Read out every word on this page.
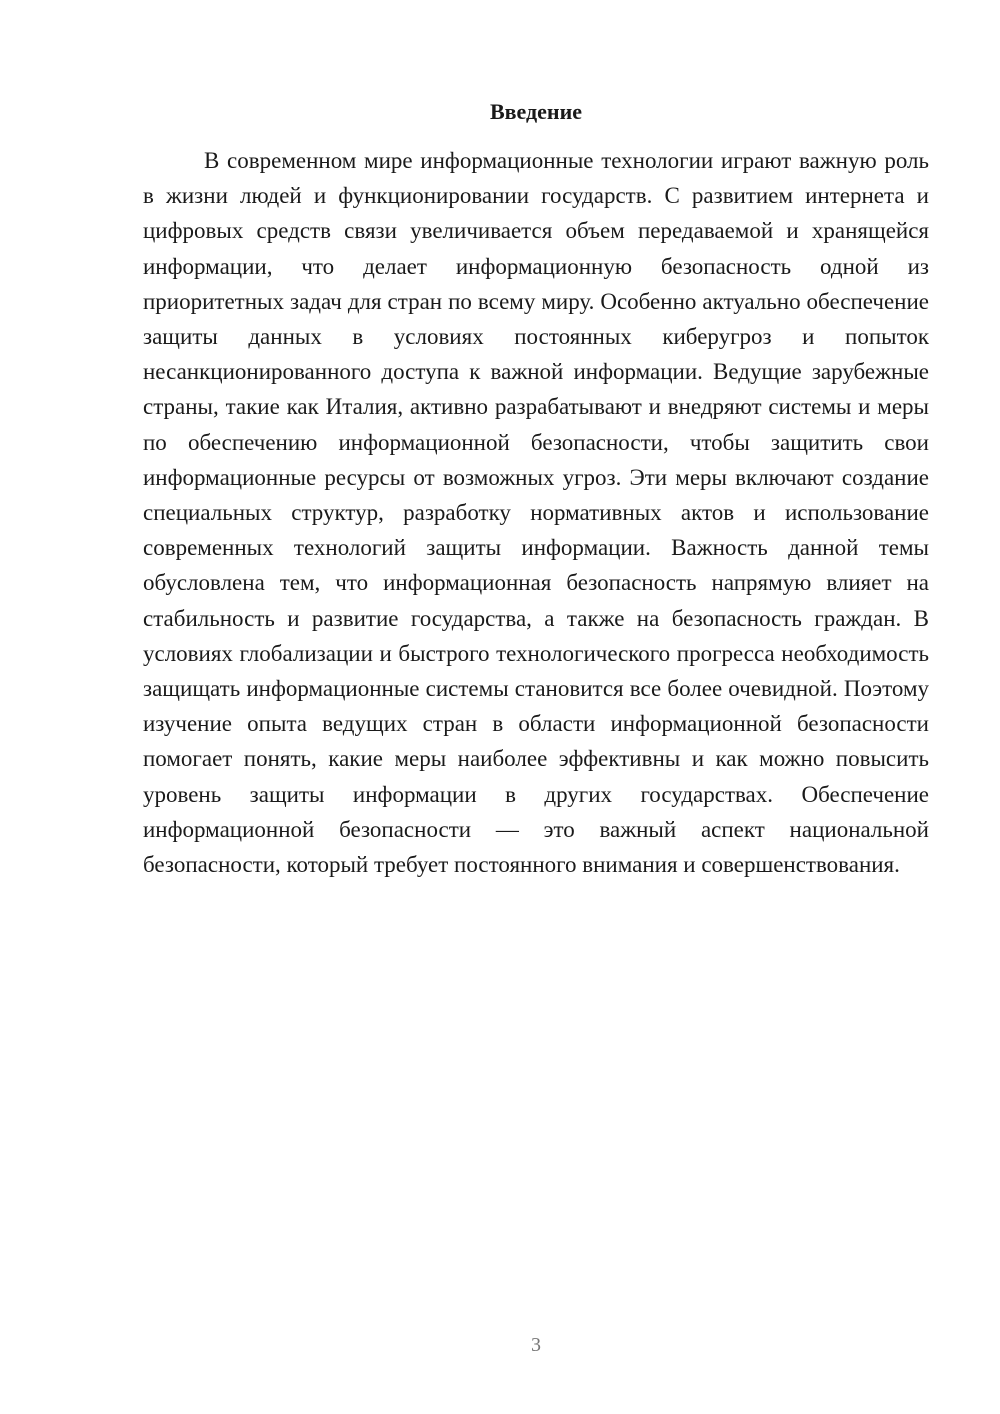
Введение

В современном мире информационные технологии играют важную роль в жизни людей и функционировании государств. С развитием интернета и цифровых средств связи увеличивается объем передаваемой и хранящейся информации, что делает информационную безопасность одной из приоритетных задач для стран по всему миру. Особенно актуально обеспечение защиты данных в условиях постоянных киберугроз и попыток несанкционированного доступа к важной информации. Ведущие зарубежные страны, такие как Италия, активно разрабатывают и внедряют системы и меры по обеспечению информационной безопасности, чтобы защитить свои информационные ресурсы от возможных угроз. Эти меры включают создание специальных структур, разработку нормативных актов и использование современных технологий защиты информации. Важность данной темы обусловлена тем, что информационная безопасность напрямую влияет на стабильность и развитие государства, а также на безопасность граждан. В условиях глобализации и быстрого технологического прогресса необходимость защищать информационные системы становится все более очевидной. Поэтому изучение опыта ведущих стран в области информационной безопасности помогает понять, какие меры наиболее эффективны и как можно повысить уровень защиты информации в других государствах. Обеспечение информационной безопасности — это важный аспект национальной безопасности, который требует постоянного внимания и совершенствования.

3
